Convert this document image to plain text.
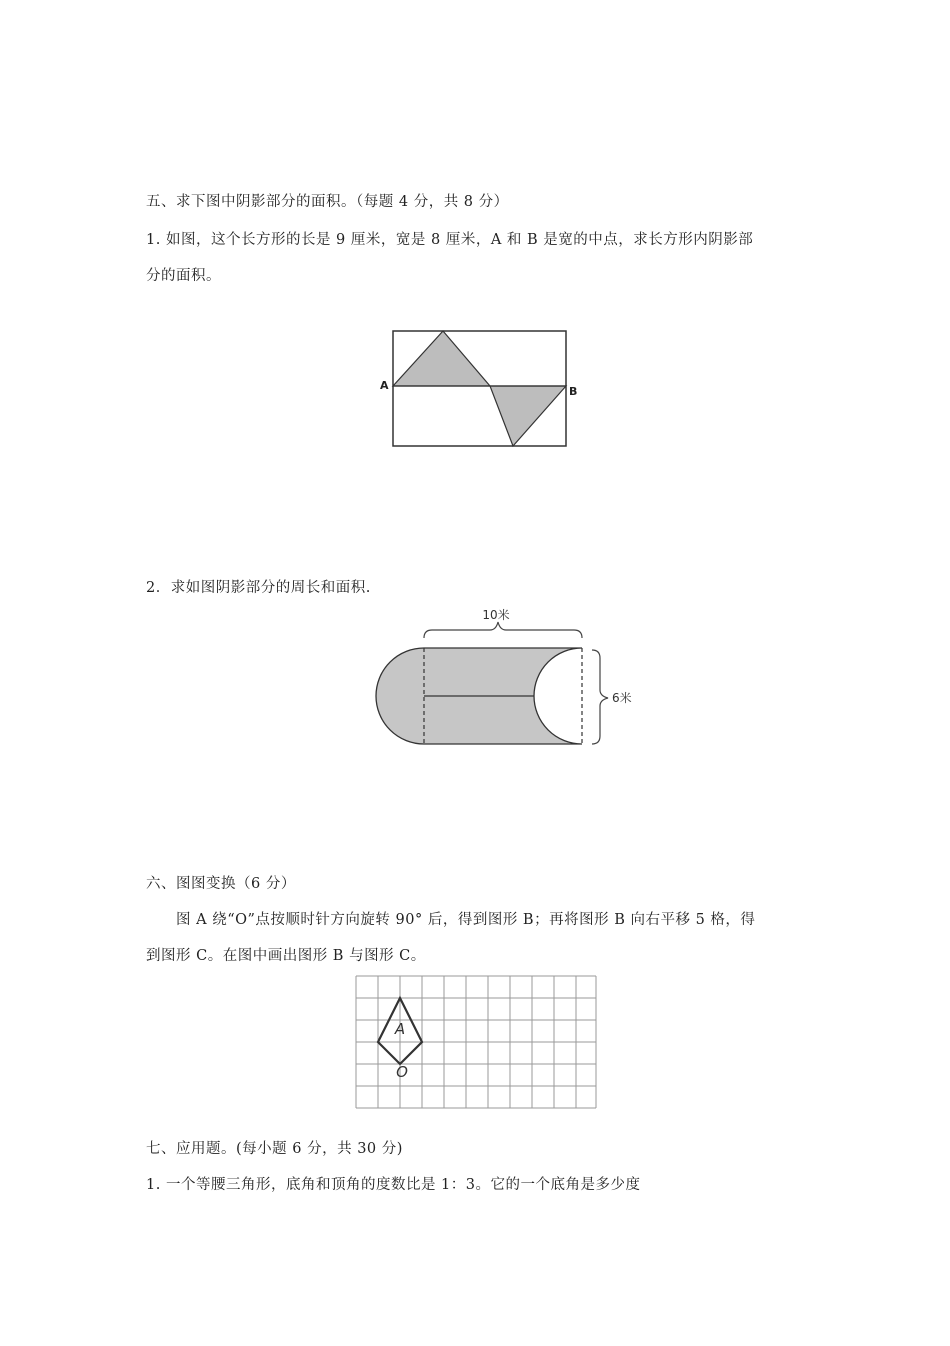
五、求下图中阴影部分的面积。（每题 4 分，共 8 分）
1. 如图，这个长方形的长是 9 厘米，宽是 8 厘米，A 和 B 是宽的中点，求长方形内阴影部
分的面积。
A	B
2．求如图阴影部分的周长和面积.
10米
6米
六、图图变换（6 分）
图 A 绕“O”点按顺时针方向旋转 90° 后，得到图形 B；再将图形 B 向右平移 5 格，得
到图形 C。在图中画出图形 B 与图形 C。
A
O
七、应用题。(每小题 6 分，共 30 分)
1. 一个等腰三角形，底角和顶角的度数比是 1：3。它的一个底角是多少度
